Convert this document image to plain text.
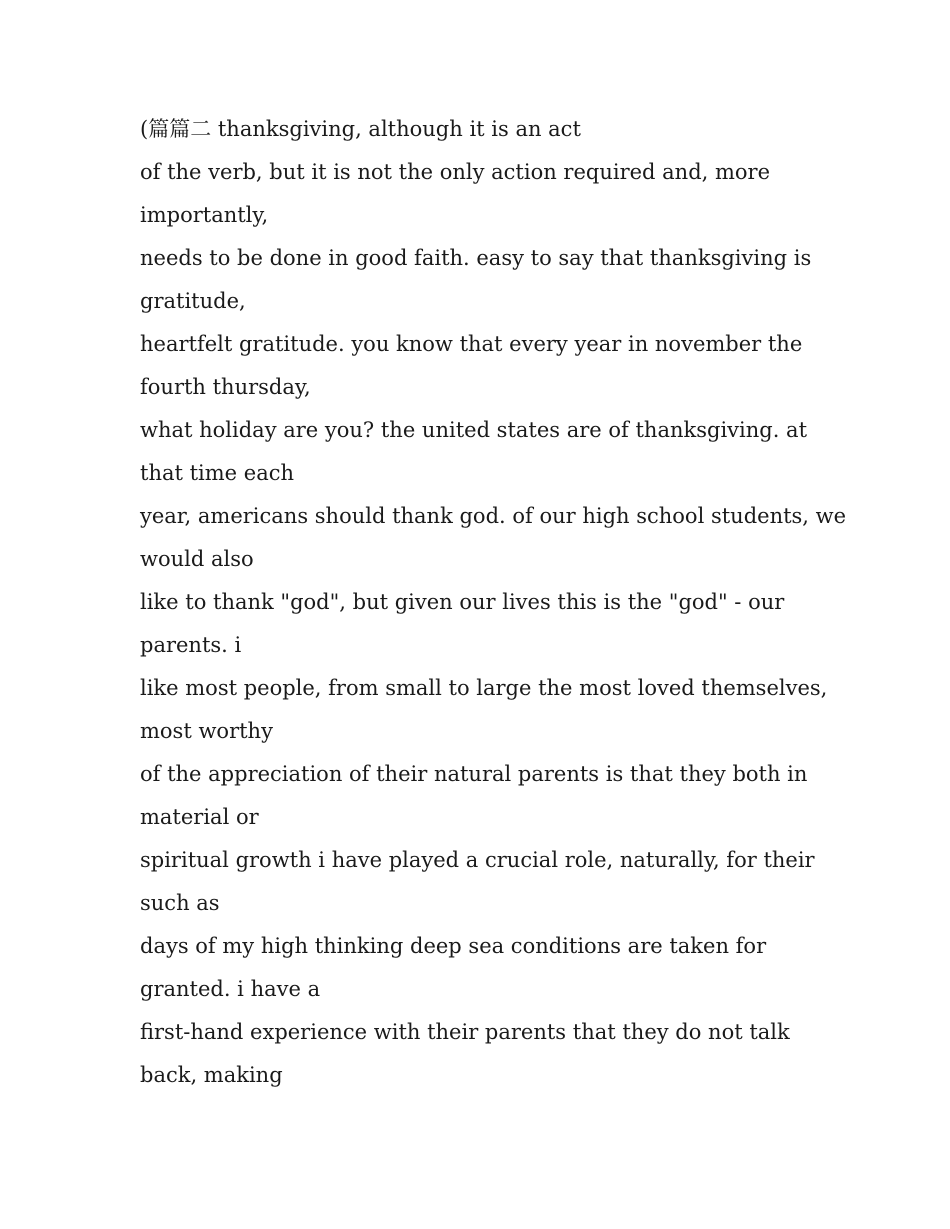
(篇篇二 thanksgiving, although it is an act
of the verb, but it is not the only action required and, more
importantly,
needs to be done in good faith. easy to say that thanksgiving is
gratitude,
heartfelt gratitude. you know that every year in november the
fourth thursday,
what holiday are you? the united states are of thanksgiving. at
that time each
year, americans should thank god. of our high school students, we
would also
like to thank "god", but given our lives this is the "god" - our
parents. i
like most people, from small to large the most loved themselves,
most worthy
of the appreciation of their natural parents is that they both in
material or
spiritual growth i have played a crucial role, naturally, for their
such as
days of my high thinking deep sea conditions are taken for
granted. i have a
first-hand experience with their parents that they do not talk
back, making
